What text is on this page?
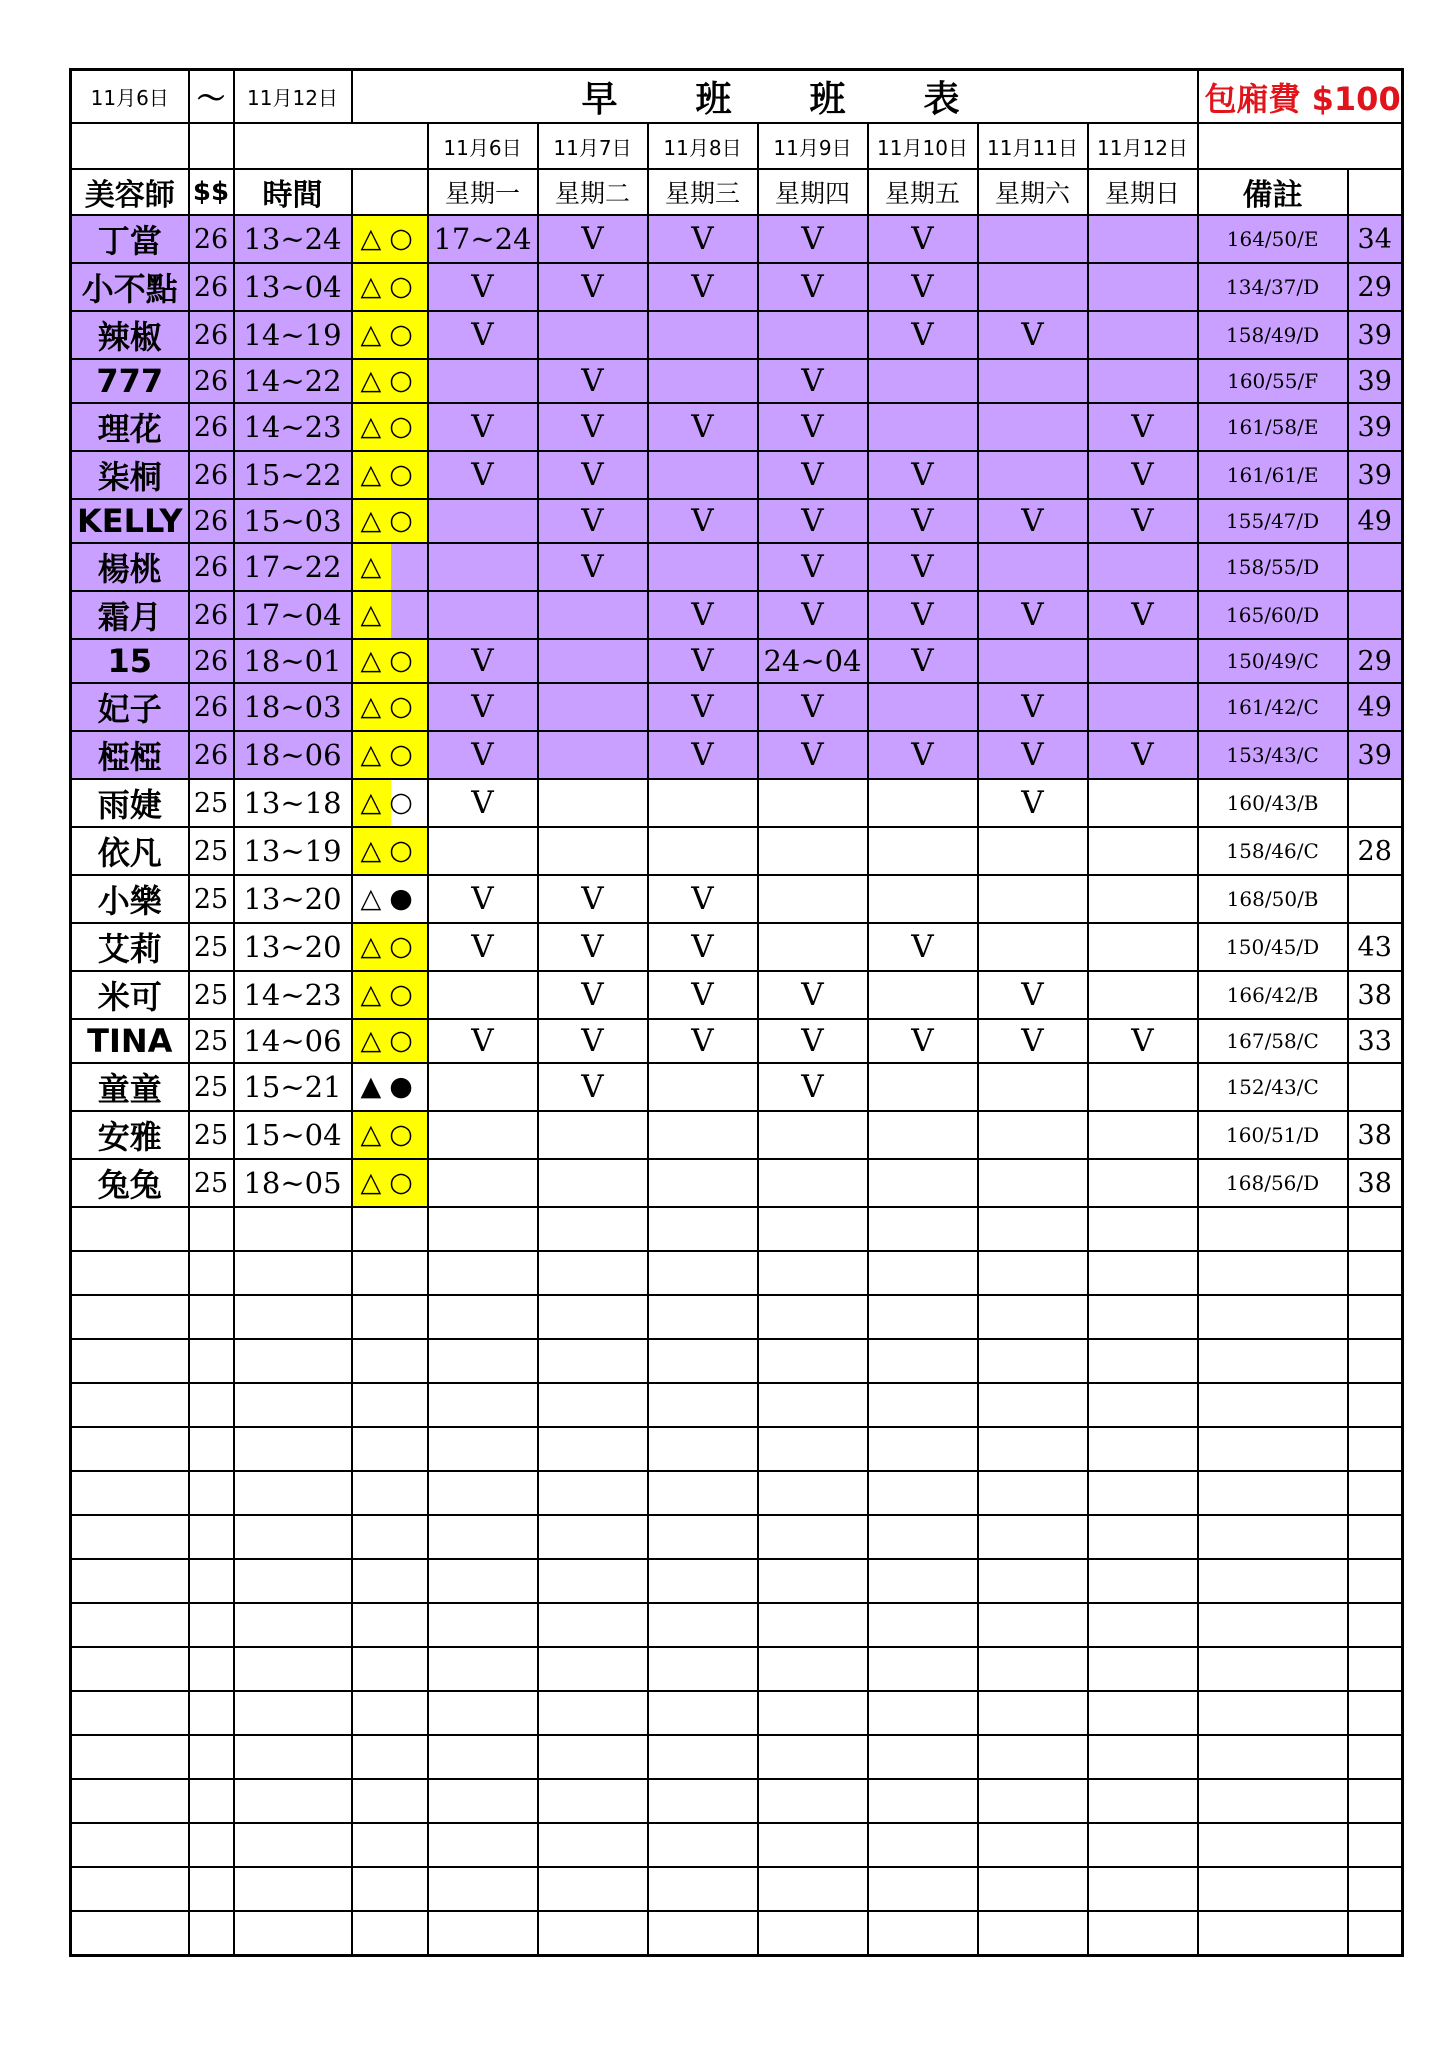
11月6日	～	11月12日	早班班表								包廂費 $100	
				11月6日	11月7日	11月8日	11月9日	11月10日	11月11日	11月12日		
美容師	$$	時間		星期一	星期二	星期三	星期四	星期五	星期六	星期日	備註	
丁當	26	13~24	△○	17~24	V	V	V	V			164/50/E	34
小不點	26	13~04	△○	V	V	V	V	V			134/37/D	29
辣椒	26	14~19	△○	V				V	V		158/49/D	39
777	26	14~22	△○		V		V				160/55/F	39
理花	26	14~23	△○	V	V	V	V			V	161/58/E	39
柒桐	26	15~22	△○	V	V		V	V		V	161/61/E	39
KELLY	26	15~03	△○		V	V	V	V	V	V	155/47/D	49
楊桃	26	17~22	△		V		V	V			158/55/D	
霜月	26	17~04	△			V	V	V	V	V	165/60/D	
15	26	18~01	△○	V		V	24~04	V			150/49/C	29
妃子	26	18~03	△○	V		V	V		V		161/42/C	49
椏椏	26	18~06	△○	V		V	V	V	V	V	153/43/C	39
雨婕	25	13~18	△○	V					V		160/43/B	
依凡	25	13~19	△○								158/46/C	28
小樂	25	13~20	△●	V	V	V					168/50/B	
艾莉	25	13~20	△○	V	V	V		V			150/45/D	43
米可	25	14~23	△○		V	V	V		V		166/42/B	38
TINA	25	14~06	△○	V	V	V	V	V	V	V	167/58/C	33
童童	25	15~21	▲●		V		V				152/43/C	
安雅	25	15~04	△○								160/51/D	38
兔兔	25	18~05	△○								168/56/D	38
